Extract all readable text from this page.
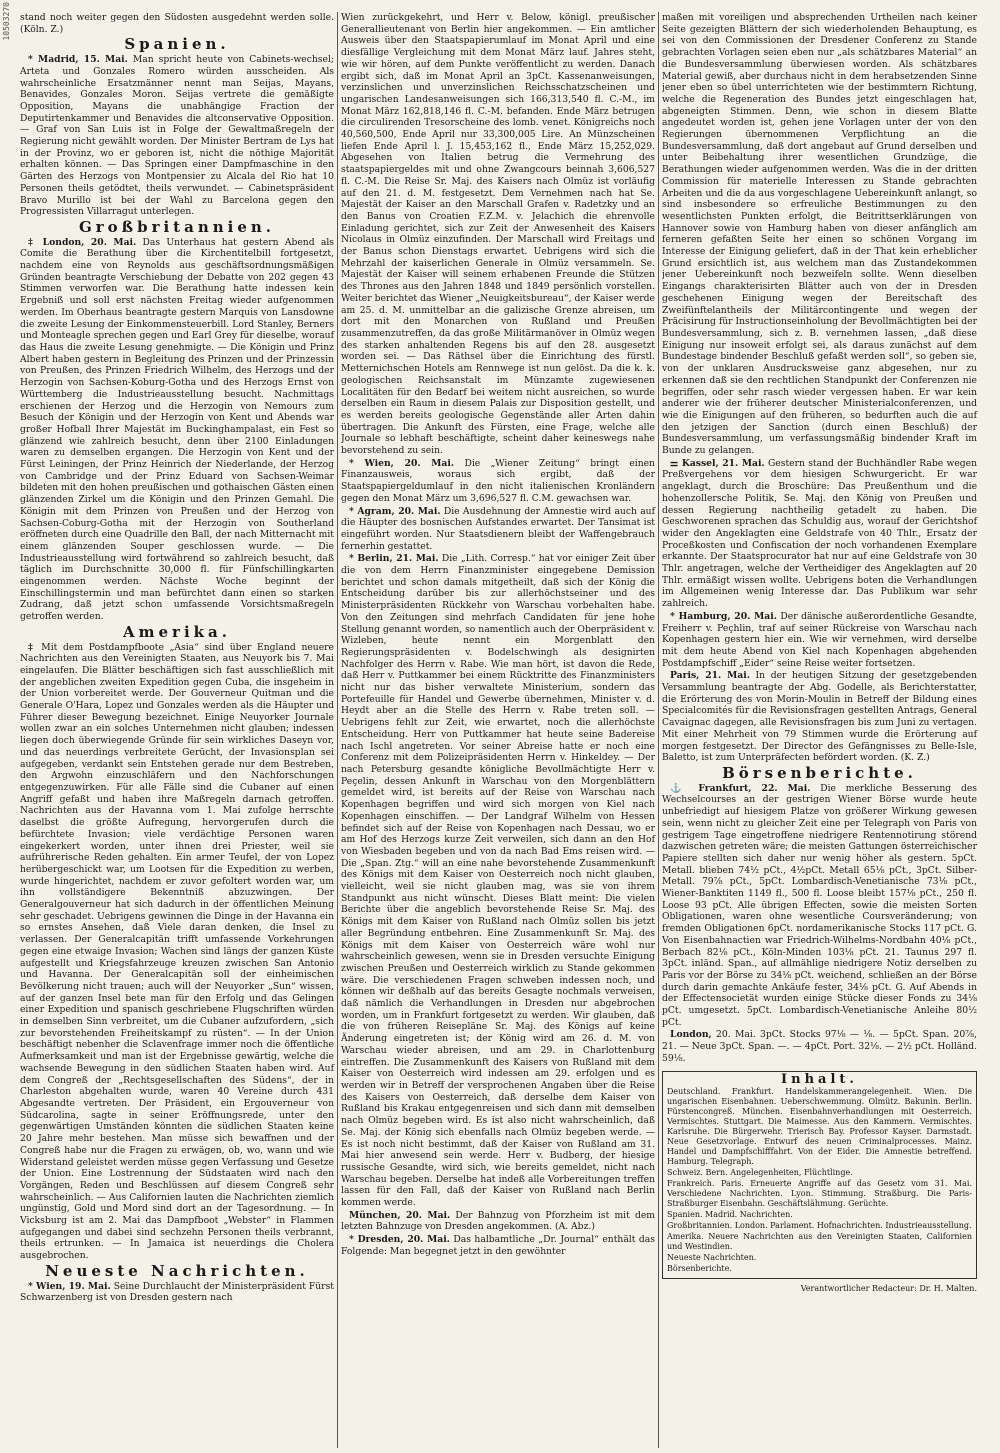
10503270 stand noch weiter gegen den Südosten ausgedehnt werden solle. (Köln. Z.)

Spanien.

* Madrid, 15. Mai. Man spricht heute von Cabinets-wechsel; Arteta und Gonzales Romero würden ausscheiden. Als wahrscheinliche Ersatzmänner nennt man Seijas, Mayans, Benavides, Gonzales Moron. Seijas vertrete die gemäßigte Opposition, Mayans die unabhängige Fraction der Deputirtenkammer und Benavides die altconservative Opposition. — Graf von San Luis ist in Folge der Gewaltmaßregeln der Regierung nicht gewählt worden. Der Minister Bertram de Lys hat in der Provinz, wo er geboren ist, nicht die nöthige Majorität erhalten können. — Das Springen einer Dampfmaschine in den Gärten des Herzogs von Montpensier zu Alcala del Rio hat 10 Personen theils getödtet, theils verwundet. — Cabinetspräsident Bravo Murillo ist bei der Wahl zu Barcelona gegen den Progressisten Villarragut unterlegen.

Großbritannien.

‡ London, 20. Mai. Das Unterhaus hat gestern Abend als Comite die Berathung über die Kirchentitelbill fortgesetzt, nachdem eine von Reynolds aus geschäftsordnungsmäßigen Gründen beantragte Verschiebung der Debatte von 202 gegen 43 Stimmen verworfen war. Die Berathung hatte indessen kein Ergebniß und soll erst nächsten Freitag wieder aufgenommen werden. Im Oberhaus beantragte gestern Marquis von Lansdowne die zweite Lesung der Einkommensteuerbill. Lord Stanley, Berners und Monteagle sprechen gegen und Earl Grey für dieselbe, worauf das Haus die zweite Lesung genehmigte. — Die Königin und Prinz Albert haben gestern in Begleitung des Prinzen und der Prinzessin von Preußen, des Prinzen Friedrich Wilhelm, des Herzogs und der Herzogin von Sachsen-Koburg-Gotha und des Herzogs Ernst von Württemberg die Industrieausstellung besucht. Nachmittags erschienen der Herzog und die Herzogin von Nemours zum Besuch der Königin und der Herzogin von Kent und Abends war großer Hofball Ihrer Majestät im Buckinghampalast, ein Fest so glänzend wie zahlreich besucht, denn über 2100 Einladungen waren zu demselben ergangen. Die Herzogin von Kent und der Fürst Leiningen, der Prinz Heinrich der Niederlande, der Herzog von Cambridge und der Prinz Eduard von Sachsen-Weimar bildeten mit den hohen preußischen und gothaischen Gästen einen glänzenden Zirkel um die Königin und den Prinzen Gemahl. Die Königin mit dem Prinzen von Preußen und der Herzog von Sachsen-Coburg-Gotha mit der Herzogin von Southerland eröffneten durch eine Quadrille den Ball, der nach Mitternacht mit einem glänzenden Souper geschlossen wurde. — Die Industrieausstellung wird fortwährend so zahlreich besucht, daß täglich im Durchschnitte 30,000 fl. für Fünfschillingkarten eingenommen werden. Nächste Woche beginnt der Einschillingstermin und man befürchtet dann einen so starken Zudrang, daß jetzt schon umfassende Vorsichtsmaßregeln getroffen werden.

Amerika.

‡ Mit dem Postdampfboote „Asia“ sind über England neuere Nachrichten aus den Vereinigten Staaten, aus Neuyork bis 7. Mai eingelaufen. Die Blätter beschäftigen sich fast ausschließlich mit der angeblichen zweiten Expedition gegen Cuba, die insgeheim in der Union vorbereitet werde. Der Gouverneur Quitman und die Generale O'Hara, Lopez und Gonzales werden als die Häupter und Führer dieser Bewegung bezeichnet. Einige Neuyorker Journale wollen zwar an ein solches Unternehmen nicht glauben; indessen liegen doch überwiegende Gründe für sein wirkliches Daseyn vor, und das neuerdings verbreitete Gerücht, der Invasionsplan sei aufgegeben, verdankt sein Entstehen gerade nur dem Bestreben, den Argwohn einzuschläfern und den Nachforschungen entgegenzuwirken. Für alle Fälle sind die Cubaner auf einen Angriff gefaßt und haben ihre Maßregeln darnach getroffen. Nachrichten aus der Havanna vom 1. Mai zufolge herrschte daselbst die größte Aufregung, hervorgerufen durch die befürchtete Invasion; viele verdächtige Personen waren eingekerkert worden, unter ihnen drei Priester, weil sie aufrührerische Reden gehalten. Ein armer Teufel, der von Lopez herübergeschickt war, um Lootsen für die Expedition zu werben, wurde hingerichtet, nachdem er zuvor gefoltert worden war, um ihn vollständigere Bekenntniß abzuzwingen. Der Generalgouverneur hat sich dadurch in der öffentlichen Meinung sehr geschadet. Uebrigens gewinnen die Dinge in der Havanna ein so ernstes Ansehen, daß Viele daran denken, die Insel zu verlassen. Der Generalcapitän trifft umfassende Vorkehrungen gegen eine etwaige Invasion; Wachen sind längs der ganzen Küste aufgestellt und Kriegsfahrzeuge kreuzen zwischen San Antonio und Havanna. Der Generalcapitän soll der einheimischen Bevölkerung nicht trauen; auch will der Neuyorker „Sun“ wissen, auf der ganzen Insel bete man für den Erfolg und das Gelingen einer Expedition und spanisch geschriebene Flugschriften würden in demselben Sinn verbreitet, um die Cubaner aufzufordern, „sich zur bevorstehenden Freiheitskampf zu rüsten“. — In der Union beschäftigt nebenher die Sclavenfrage immer noch die öffentliche Aufmerksamkeit und man ist der Ergebnisse gewärtig, welche die wachsende Bewegung in den südlichen Staaten haben wird. Auf dem Congreß der „Rechtsgesellschaften des Südens“, der in Charleston abgehalten wurde, waren 40 Vereine durch 431 Abgesandte vertreten. Der Präsident, ein Ergouverneur von Südcarolina, sagte in seiner Eröffnungsrede, unter den gegenwärtigen Umständen könnten die südlichen Staaten keine 20 Jahre mehr bestehen. Man müsse sich bewaffnen und der Congreß habe nur die Fragen zu erwägen, ob, wo, wann und wie Widerstand geleistet werden müsse gegen Verfassung und Gesetze der Union. Eine Lostrennung der Südstaaten wird nach den Vorgängen, Reden und Beschlüssen auf diesem Congreß sehr wahrscheinlich. — Aus Californien lauten die Nachrichten ziemlich ungünstig, Gold und Mord sind dort an der Tagesordnung. — In Vicksburg ist am 2. Mai das Dampfboot „Webster“ in Flammen aufgegangen und dabei sind sechzehn Personen theils verbrannt, theils ertrunken. — In Jamaica ist neuerdings die Cholera ausgebrochen.

Neueste Nachrichten.

* Wien, 19. Mai. Seine Durchlaucht der Ministerpräsident Fürst Schwarzenberg ist von Dresden gestern nach

Wien zurückgekehrt, und Herr v. Below, königl. preußischer Generallieutenant von Berlin hier angekommen. — Ein amtlicher Ausweis über den Staatspapierumlauf im Monat April und eine diesfällige Vergleichung mit dem Monat März lauf. Jahres steht, wie wir hören, auf dem Punkte veröffentlicht zu werden. Danach ergibt sich, daß im Monat April an 3pCt. Kassenanweisungen, verzinslichen und unverzinslichen Reichsschatzscheinen und ungarischen Landesanweisungen sich 166,313,540 fl. C.-M., im Monat März 162,818,146 fl. C.-M. befanden. Ende März betrugen die circulirenden Tresorscheine des lomb. venet. Königreichs noch 40,560,500, Ende April nur 33,300,005 Lire. An Münzscheinen liefen Ende April l. J. 15,453,162 fl., Ende März 15,252,029. Abgesehen von Italien betrug die Vermehrung des staatspapiergeldes mit und ohne Zwangcours beinnah 3,606,527 fl. C.-M. Die Reise Sr. Maj. des Kaisers nach Olmüz ist vorläufig auf den 21. d. M. festgesetzt. Dem Vernehmen nach hat Se. Majestät der Kaiser an den Marschall Grafen v. Radetzky und an den Banus von Croatien F.Z.M. v. Jelachich die ehrenvolle Einladung gerichtet, sich zur Zeit der Anwesenheit des Kaisers Nicolaus in Olmüz einzufinden. Der Marschall wird Freitags und der Banus schon Dienstags erwartet. Uebrigens wird sich die Mehrzahl der kaiserlichen Generale in Olmüz versammeln. Se. Majestät der Kaiser will seinem erhabenen Freunde die Stützen des Thrones aus den Jahren 1848 und 1849 persönlich vorstellen. Weiter berichtet das Wiener „Neuigkeitsbureau“, der Kaiser werde am 25. d. M. unmittelbar an die galizische Grenze abreisen, um dort mit den Monarchen von Rußland und Preußen zusammenzutreffen, da das große Militärmanöver in Olmüz wegen des starken anhaltenden Regens bis auf den 28. ausgesetzt worden sei. — Das Räthsel über die Einrichtung des fürstl. Metternichschen Hotels am Rennwege ist nun gelöst. Da die k. k. geologischen Reichsanstalt im Münzamte zugewiesenen Localitäten für den Bedarf bei weitem nicht ausreichen, so wurde derselben ein Raum in diesem Palais zur Disposition gestellt, und es werden bereits geologische Gegenstände aller Arten dahin übertragen. Die Ankunft des Fürsten, eine Frage, welche alle Journale so lebhaft beschäftigte, scheint daher keineswegs nahe bevorstehend zu sein.

* Wien, 20. Mai. Die „Wiener Zeitung“ bringt einen Finanzausweis, woraus sich ergibt, daß der Staatspapiergeldumlauf in den nicht italienischen Kronländern gegen den Monat März um 3,696,527 fl. C.M. gewachsen war.

* Agram, 20. Mai. Die Ausdehnung der Amnestie wird auch auf die Häupter des bosnischen Aufstandes erwartet. Der Tansimat ist eingeführt worden. Nur Staatsdienern bleibt der Waffengebrauch fernerhin gestattet.

* Berlin, 21. Mai. Die „Lith. Corresp.“ hat vor einiger Zeit über die von dem Herrn Finanzminister eingegebene Demission berichtet und schon damals mitgetheilt, daß sich der König die Entscheidung darüber bis zur allerhöchstseiner und des Ministerpräsidenten Rückkehr von Warschau vorbehalten habe. Von den Zeitungen sind mehrfach Candidaten für jene hohe Stellung genannt worden, so namentlich auch der Oberpräsident v. Wizleben, heute nennt ein Morgenblatt den Regierungspräsidenten v. Bodelschwingh als designirten Nachfolger des Herrn v. Rabe. Wie man hört, ist davon die Rede, daß Herr v. Puttkammer bei einem Rücktritte des Finanzministers nicht nur das bisher verwaltete Ministerium, sondern das Portefeuille für Handel und Gewerbe übernehmen, Minister v. d. Heydt aber an die Stelle des Herrn v. Rabe treten soll. — Uebrigens fehlt zur Zeit, wie erwartet, noch die allerhöchste Entscheidung. Herr von Puttkammer hat heute seine Badereise nach Ischl angetreten. Vor seiner Abreise hatte er noch eine Conferenz mit dem Polizeipräsidenten Herrn v. Hinkeldey. — Der nach Petersburg gesandte königliche Bevollmächtigte Herr v. Peçelin, dessen Ankunft in Warschau von den Morgenblättern gemeldet wird, ist bereits auf der Reise von Warschau nach Kopenhagen begriffen und wird sich morgen von Kiel nach Kopenhagen einschiffen. — Der Landgraf Wilhelm von Hessen befindet sich auf der Reise von Kopenhagen nach Dessau, wo er am Hof des Herzogs kurze Zeit verweilen, sich dann an den Hof von Wiesbaden begeben und von da nach Bad Ems reisen wird. — Die „Span. Ztg.“ will an eine nahe bevorstehende Zusammenkunft des Königs mit dem Kaiser von Oesterreich noch nicht glauben, vielleicht, weil sie nicht glauben mag, was sie von ihrem Standpunkt aus nicht wünscht. Dieses Blatt meint: Die vielen Berichte über die angeblich bevorstehende Reise Sr. Maj. des Königs mit dem Kaiser von Rußland nach Olmüz sollen bis jetzt aller Begründung entbehren. Eine Zusammenkunft Sr. Maj. des Königs mit dem Kaiser von Oesterreich wäre wohl nur wahrscheinlich gewesen, wenn sie in Dresden versuchte Einigung zwischen Preußen und Oesterreich wirklich zu Stande gekommen wäre. Die verschiedenen Fragen schweben indessen noch, und können wir deßhalb auf das bereits Gesagte nochmals verweisen, daß nämlich die Verhandlungen in Dresden nur abgebrochen worden, um in Frankfurt fortgesetzt zu werden. Wir glauben, daß die von früheren Reisepläne Sr. Maj. des Königs auf keine Änderung eingetreten ist; der König wird am 26. d. M. von Warschau wieder abreisen, und am 29. in Charlottenburg eintreffen. Die Zusammenkunft des Kaisers von Rußland mit dem Kaiser von Oesterreich wird indessen am 29. erfolgen und es werden wir in Betreff der versprochenen Angaben über die Reise des Kaisers von Oesterreich, daß derselbe dem Kaiser von Rußland bis Krakau entgegenreisen und sich dann mit demselben nach Olmüz begeben wird. Es ist also nicht wahrscheinlich, daß Se. Maj. der König sich ebenfalls nach Olmüz begeben werde. — Es ist noch nicht bestimmt, daß der Kaiser von Rußland am 31. Mai hier anwesend sein werde. Herr v. Budberg, der hiesige russische Gesandte, wird sich, wie bereits gemeldet, nicht nach Warschau begeben. Derselbe hat indeß alle Vorbereitungen treffen lassen für den Fall, daß der Kaiser von Rußland nach Berlin kommen werde.

München, 20. Mai. Der Bahnzug von Pforzheim ist mit dem letzten Bahnzuge von Dresden angekommen. (A. Abz.)

* Dresden, 20. Mai. Das halbamtliche „Dr. Journal“ enthält das Folgende: Man begegnet jetzt in den gewöhnter

maßen mit voreiligen und absprechenden Urtheilen nach keiner Seite gezeigten Blättern der sich wiederholenden Behauptung, es sei von den Commissionen der Dresdener Conferenz zu Stande gebrachten Vorlagen seien eben nur „als schätzbares Material“ an die Bundesversammlung überwiesen worden. Als schätzbares Material gewiß, aber durchaus nicht in dem herabsetzenden Sinne jener eben so übel unterrichteten wie der bestimmtern Richtung, welche die Regeneration des Bundes jetzt eingeschlagen hat, abgeneigten Stimmen. Denn, wie schon in diesem Blatte angedeutet worden ist, gehen jene Vorlagen unter der von den Regierungen übernommenen Verpflichtung an die Bundesversammlung, daß dort angebaut auf Grund derselben und unter Beibehaltung ihrer wesentlichen Grundzüge, die Berathungen wieder aufgenommen werden. Was die in der dritten Commission für materielle Interessen zu Stande gebrachten Arbeiten und die da aus vorgeschlagene Uebereinkunft anlangt, so sind insbesondere so erfreuliche Bestimmungen zu den wesentlichsten Punkten erfolgt, die Beitrittserklärungen von Hannover sowie von Hamburg haben von dieser anfänglich am ferneren gefaßten Seite her einen so schönen Vorgang im Interesse der Einigung geliefert, daß in der That kein erheblicher Grund ersichtlich ist, aus welchem man das Zustandekommen jener Uebereinkunft noch bezweifeln sollte. Wenn dieselben Eingangs charakterisirten Blätter auch von der in Dresden geschehenen Einigung wegen der Bereitschaft des Zweifünftelantheils der Militärcontingente und wegen der Präcisirung für Instructionseinholung der Bevollmächtigten bei der Bundesversammlung, sich z. B. vernehmen lassen, „daß diese Einigung nur insoweit erfolgt sei, als daraus zunächst auf dem Bundestage bindender Beschluß gefaßt werden soll“, so geben sie, von der unklaren Ausdrucksweise ganz abgesehen, nur zu erkennen daß sie den rechtlichen Standpunkt der Conferenzen nie begriffen, oder sehr rasch wieder vergessen haben. Er war kein anderer wie der früherer deutscher Ministerialconferenzen, und wie die Einigungen auf den früheren, so bedurften auch die auf den jetzigen der Sanction (durch einen Beschluß) der Bundesversammlung, um verfassungsmäßig bindender Kraft im Bunde zu gelangen.

⚌ Kassel, 21. Mai. Gestern stand der Buchhändler Rabe wegen Preßvergehens vor dem hiesigen Schwurgericht. Er war angeklagt, durch die Broschüre: Das Preußenthum und die hohenzollersche Politik, Se. Maj. den König von Preußen und dessen Regierung nachtheilig getadelt zu haben. Die Geschworenen sprachen das Schuldig aus, worauf der Gerichtshof wider den Angeklagten eine Geldstrafe von 40 Thlr., Ersatz der Proceßkosten und Confiscation der noch vorhandenen Exemplare erkannte. Der Staatsprocurator hat nur auf eine Geldstrafe von 30 Thlr. angetragen, welche der Vertheidiger des Angeklagten auf 20 Thlr. ermäßigt wissen wollte. Uebrigens boten die Verhandlungen im Allgemeinen wenig Interesse dar. Das Publikum war sehr zahlreich.

* Hamburg, 20. Mai. Der dänische außerordentliche Gesandte, Freiherr v. Peçhlin, traf auf seiner Rückreise von Warschau nach Kopenhagen gestern hier ein. Wie wir vernehmen, wird derselbe mit dem heute Abend von Kiel nach Kopenhagen abgehenden Postdampfschiff „Eider“ seine Reise weiter fortsetzen.

Paris, 21. Mai. In der heutigen Sitzung der gesetzgebenden Versammlung beantragte der Abg. Godelle, als Berichterstatter, die Erörterung des von Morin-Moulin in Betreff der Bildung eines Specialcomités für die Revisionsfragen gestellten Antrags, General Cavaignac dagegen, alle Revisionsfragen bis zum Juni zu vertagen. Mit einer Mehrheit von 79 Stimmen wurde die Erörterung auf morgen festgesetzt. Der Director des Gefängnisses zu Belle-Isle, Baletto, ist zum Unterpräfecten befördert worden. (K. Z.)

Börsenberichte.

⚓ Frankfurt, 22. Mai. Die merkliche Besserung des Wechselcourses an der gestrigen Wiener Börse wurde heute unbefriedigt auf hiesigem Platze von größerer Wirkung gewesen sein, wenn nicht zu gleicher Zeit eine per Telegraph von Paris von gestrigem Tage eingetroffene niedrigere Rentennotirung störend dazwischen getreten wäre; die meisten Gattungen österreichischer Papiere stellten sich daher nur wenig höher als gestern. 5pCt. Metall. blieben 74½ pCt., 4½pCt. Metall 65⅛ pCt., 3pCt. Silber-Metall. 79⅞ pCt., 5pCt. Lombardisch-Venetianische 73⅛ pCt., Wiener-Banktiten 1149 fl., 500 fl. Loose bleibt 157⅛ pCt., 250 fl. Loose 93 pCt. Alle übrigen Effecten, sowie die meisten Sorten Obligationen, waren ohne wesentliche Coursveränderung; von fremden Obligationen 6pCt. nordamerikanische Stocks 117 pCt. G. Von Eisenbahnactien war Friedrich-Wilhelms-Nordbahn 40⅛ pCt., Berbach 82⅛ pCt., Köln-Minden 103⅛ pCt. 21. Taunus 297 fl. 3pCt. inländ. Span., auf allmählige niedrigere Notiz derselben zu Paris vor der Börse zu 34⅛ pCt. weichend, schließen an der Börse durch darin gemachte Ankäufe fester, 34⅛ pCt. G. Auf Abends in der Effectensocietät wurden einige Stücke dieser Fonds zu 34⅛ pCt. umgesetzt. 5pCt. Lombardisch-Venetianische Anleihe 80½ pCt.

London, 20. Mai. 3pCt. Stocks 97⅛ — ⅛. — 5pCt. Span. 20⅞, 21. — Neue 3pCt. Span. —. — 4pCt. Port. 32⅛. — 2½ pCt. Holländ. 59⅛.

Inhalt.

Deutschland. Frankfurt. Handelskammerangelegenheit. Wien. Die ungarischen Eisenbahnen. Ueberschwemmung. Olmütz. Bakunin. Berlin. Fürstencongreß. München. Eisenbahnverhandlungen mit Oesterreich. Vermischtes. Stuttgart. Die Maimesse. Aus den Kammern. Vermischtes. Karlsruhe. Die Bürgerwehr. Trierisch Bay. Professor Kayser. Darmstadt. Neue Gesetzvorlage. Entwurf des neuen Criminalprocesses. Mainz. Handel und Dampfschifffahrt. Von der Eider. Die Amnestie betreffend. Hamburg. Telegraph.

Schweiz. Bern. Angelegenheiten, Flüchtlinge.

Frankreich. Paris. Erneuerte Angriffe auf das Gesetz vom 31. Mai. Verschiedene Nachrichten. Lyon. Stimmung. Straßburg. Die Paris-Straßburger Eisenbahn. Geschäftslähmung. Gerüchte.

Spanien. Madrid. Nachrichten.

Großbritannien. London. Parlament. Hofnachrichten. Industrieausstellung.

Amerika. Neuere Nachrichten aus den Vereinigten Staaten, Californien und Westindien.

Neueste Nachrichten.

Börsenberichte.

Verantwortlicher Redacteur: Dr. H. Malten.
